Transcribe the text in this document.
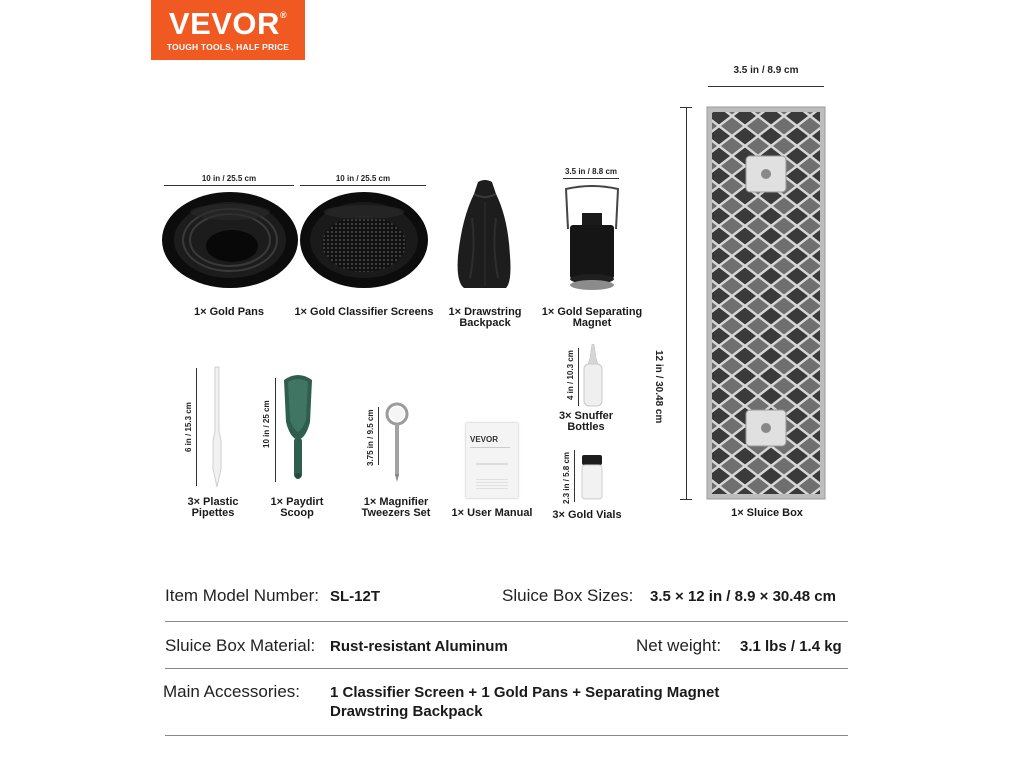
VEVOR®
TOUGH TOOLS, HALF PRICE
10 in / 25.5 cm
1× Gold Pans
10 in / 25.5 cm
1× Gold Classifier Screens	1× Drawstring
Backpack
3.5 in / 8.8 cm
1× Gold Separating
Magnet
4 in / 10.3 cm
3× Snuffer
Bottles
6 in / 15.3 cm
3× Plastic
Pipettes
10 in / 25 cm
1× Paydirt
Scoop
3.75 in / 9.5 cm
1× Magnifier
Tweezers Set
VEVOR
1× User Manual
2.3 in / 5.8 cm
3× Gold Vials
3.5 in / 8.9 cm
12 in / 30.48 cm
1× Sluice Box
Item Model Number: SL-12T	Sluice Box Sizes: 3.5 × 12 in / 8.9 × 30.48 cm
Sluice Box Material: Rust-resistant Aluminum	Net weight: 3.1 lbs / 1.4 kg
Main Accessories: 1 Classifier Screen + 1 Gold Pans + Separating Magnet
Drawstring Backpack
